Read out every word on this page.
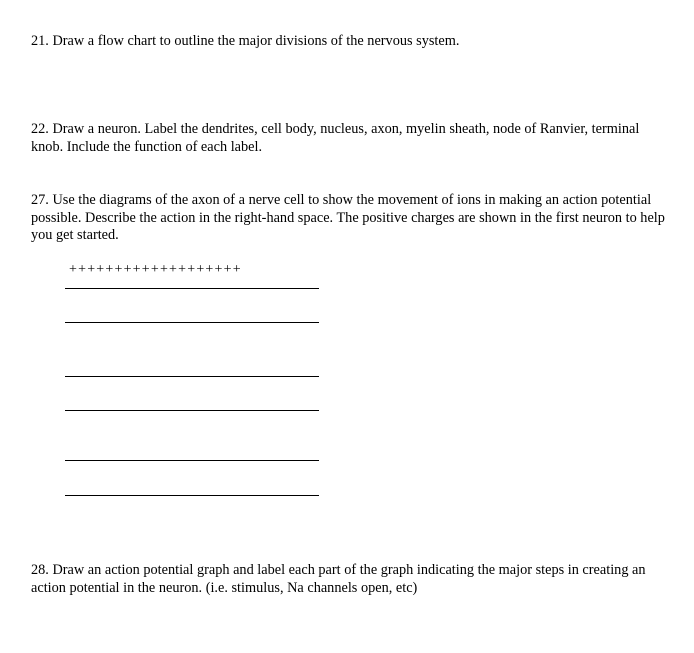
21. Draw a flow chart to outline the major divisions of the nervous system.

22. Draw a neuron. Label the dendrites, cell body, nucleus, axon, myelin sheath, node of Ranvier, terminal knob. Include the function of each label.

27. Use the diagrams of the axon of a nerve cell to show the movement of ions in making an action potential possible. Describe the action in the right-hand space. The positive charges are shown in the first neuron to help you get started.

+++++++++++++++++++

28. Draw an action potential graph and label each part of the graph indicating the major steps in creating an action potential in the neuron. (i.e. stimulus, Na channels open, etc)
